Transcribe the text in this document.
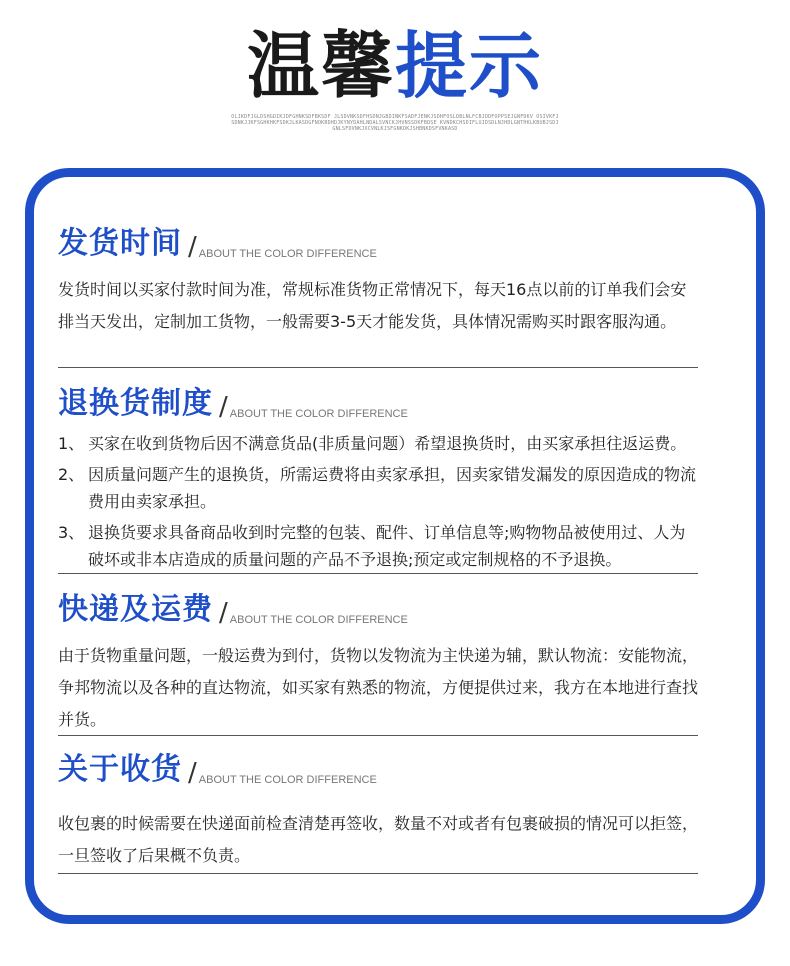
温馨提示
OLJKDFJGLDSHGDIKJDFGHNKSDFBKSDF JLSDVNKSDFHSDNJGBDINKFSADFJENKJSDHFOSLDBLNLFCBJDDFOPPSEJGNFDKV OSIVKFJSDNKJJKFSGHKHKFSDKJLKASDGFNOKBDHDJKYNYDAHLNDALSVNCKJHVNSSDKFBDSE KVNDKCHSDIFLUJDSDLNJHDLGNTHKLKBUBJSDJGNLSFDVNKJXCVNLKJSFGNKDKJSHBNKDSFVNKASD
发货时间 / ABOUT THE COLOR DIFFERENCE

发货时间以买家付款时间为准，常规标准货物正常情况下，每天16点以前的订单我们会安排当天发出，定制加工货物，一般需要3-5天才能发货，具体情况需购买时跟客服沟通。

退换货制度 / ABOUT THE COLOR DIFFERENCE
1、 买家在收到货物后因不满意货品(非质量问题）希望退换货时，由买家承担往返运费。
2、 因质量问题产生的退换货，所需运费将由卖家承担，因卖家错发漏发的原因造成的物流费用由卖家承担。
3、 退换货要求具备商品收到时完整的包装、配件、订单信息等;购物物品被使用过、人为破坏或非本店造成的质量问题的产品不予退换;预定或定制规格的不予退换。
快递及运费 / ABOUT THE COLOR DIFFERENCE

由于货物重量问题，一般运费为到付，货物以发物流为主快递为辅，默认物流：安能物流，争邦物流以及各种的直达物流，如买家有熟悉的物流，方便提供过来，我方在本地进行查找并货。

关于收货 / ABOUT THE COLOR DIFFERENCE

收包裹的时候需要在快递面前检查清楚再签收，数量不对或者有包裹破损的情况可以拒签，一旦签收了后果概不负责。
